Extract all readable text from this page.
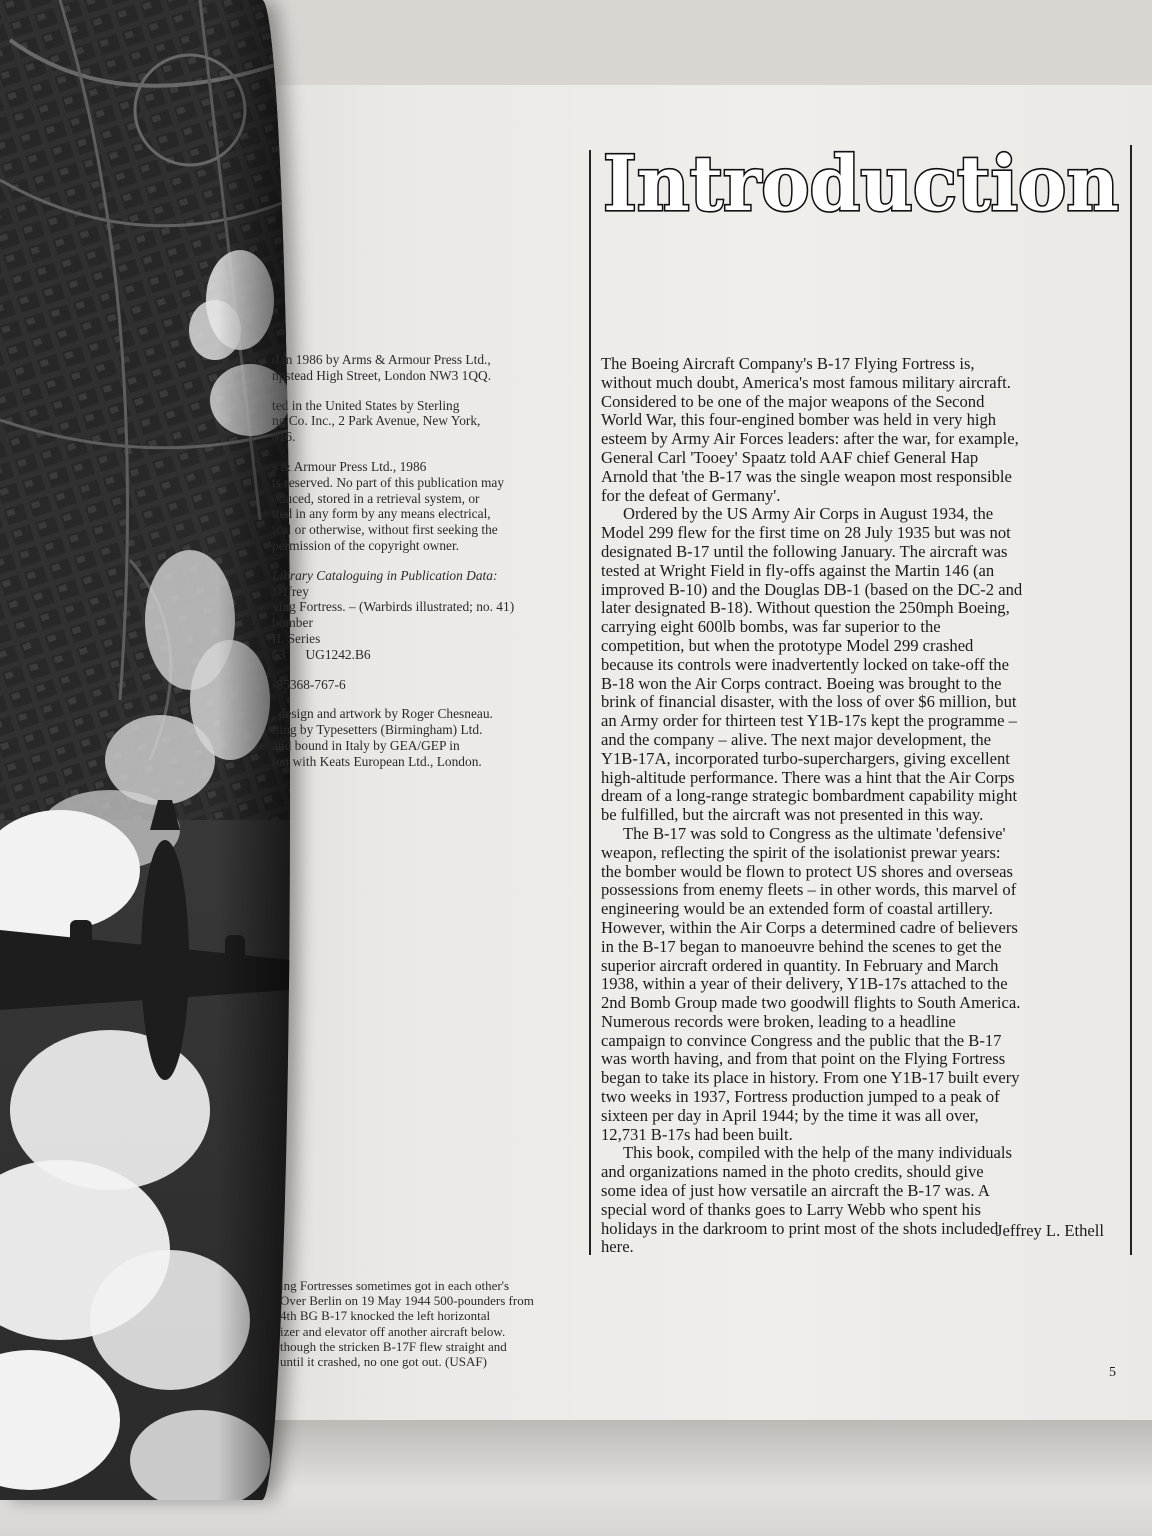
d in 1986 by Arms & Armour Press Ltd.,
npstead High Street, London NW3 1QQ.
ted in the United States by Sterling
ng Co. Inc., 2 Park Avenue, New York,
016.
s & Armour Press Ltd., 1986
ts reserved. No part of this publication may
oduced, stored in a retrieval system, or
tted in any form by any means electrical,
ical or otherwise, without first seeking the
permission of the copyright owner.
Library Cataloguing in Publication Data:
Jeffrey
ying Fortress. – (Warbirds illustrated; no. 41)
bomber
II. Series
63      UG1242.B6
-85368-767-6
, design and artwork by Roger Chesneau.
tting by Typesetters (Birmingham) Ltd.
and bound in Italy by GEA/GEP in
ion with Keats European Ltd., London.
ing Fortresses sometimes got in each other's
Over Berlin on 19 May 1944 500-pounders from
4th BG B-17 knocked the left horizontal
izer and elevator off another aircraft below.
though the stricken B-17F flew straight and
until it crashed, no one got out. (USAF)
Introduction
The Boeing Aircraft Company's B-17 Flying Fortress is,
without much doubt, America's most famous military aircraft.
Considered to be one of the major weapons of the Second
World War, this four-engined bomber was held in very high
esteem by Army Air Forces leaders: after the war, for example,
General Carl 'Tooey' Spaatz told AAF chief General Hap
Arnold that 'the B-17 was the single weapon most responsible
for the defeat of Germany'.
Ordered by the US Army Air Corps in August 1934, the
Model 299 flew for the first time on 28 July 1935 but was not
designated B-17 until the following January. The aircraft was
tested at Wright Field in fly-offs against the Martin 146 (an
improved B-10) and the Douglas DB-1 (based on the DC-2 and
later designated B-18). Without question the 250mph Boeing,
carrying eight 600lb bombs, was far superior to the
competition, but when the prototype Model 299 crashed
because its controls were inadvertently locked on take-off the
B-18 won the Air Corps contract. Boeing was brought to the
brink of financial disaster, with the loss of over $6 million, but
an Army order for thirteen test Y1B-17s kept the programme –
and the company – alive. The next major development, the
Y1B-17A, incorporated turbo-superchargers, giving excellent
high-altitude performance. There was a hint that the Air Corps
dream of a long-range strategic bombardment capability might
be fulfilled, but the aircraft was not presented in this way.
The B-17 was sold to Congress as the ultimate 'defensive'
weapon, reflecting the spirit of the isolationist prewar years:
the bomber would be flown to protect US shores and overseas
possessions from enemy fleets – in other words, this marvel of
engineering would be an extended form of coastal artillery.
However, within the Air Corps a determined cadre of believers
in the B-17 began to manoeuvre behind the scenes to get the
superior aircraft ordered in quantity. In February and March
1938, within a year of their delivery, Y1B-17s attached to the
2nd Bomb Group made two goodwill flights to South America.
Numerous records were broken, leading to a headline
campaign to convince Congress and the public that the B-17
was worth having, and from that point on the Flying Fortress
began to take its place in history. From one Y1B-17 built every
two weeks in 1937, Fortress production jumped to a peak of
sixteen per day in April 1944; by the time it was all over,
12,731 B-17s had been built.
This book, compiled with the help of the many individuals
and organizations named in the photo credits, should give
some idea of just how versatile an aircraft the B-17 was. A
special word of thanks goes to Larry Webb who spent his
holidays in the darkroom to print most of the shots included
here.
Jeffrey L. Ethell
5
